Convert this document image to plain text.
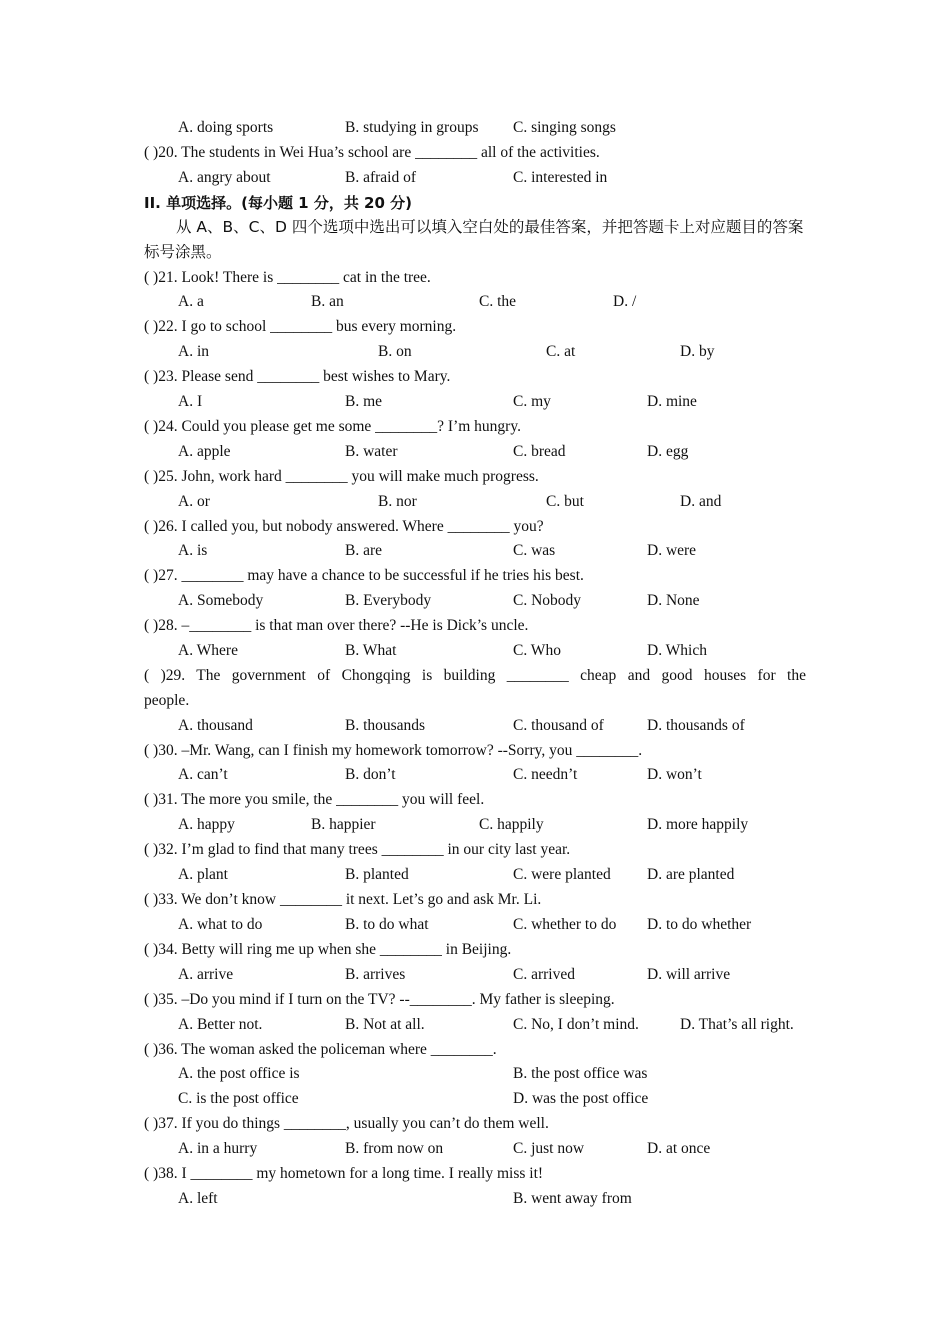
A. doing sports	B. studying in groups C. singing songs
( )20. The students in Wei Hua’s school are ________ all of the activities.
A. angry about	B. afraid of	C. interested in
II. 单项选择。(每小题 1 分，共 20 分)
从 A、B、C、D 四个选项中选出可以填入空白处的最佳答案，并把答题卡上对应题目的答案标号涂黑。
( )21. Look! There is ________ cat in the tree.
A. a	B. an	C. the	D. /
( )22. I go to school ________ bus every morning.
A. in	B. on	C. at	D. by
( )23. Please send ________ best wishes to Mary.
A. I	B. me	C. my	D. mine
( )24. Could you please get me some ________? I’m hungry.
A. apple	B. water	C. bread	D. egg
( )25. John, work hard ________ you will make much progress.
A. or	B. nor	C. but	D. and
( )26. I called you, but nobody answered. Where ________ you?
A. is	B. are	C. was	D. were
( )27. ________ may have a chance to be successful if he tries his best.
A. Somebody	B. Everybody	C. Nobody	D. None
( )28. –________ is that man over there? --He is Dick’s uncle.
A. Where	B. What	C. Who	D. Which
( )29. The government of Chongqing is building ________ cheap and good houses for the
people.
A. thousand	B. thousands	C. thousand of	D. thousands of
( )30. –Mr. Wang, can I finish my homework tomorrow? --Sorry, you ________.
A. can’t	B. don’t	C. needn’t	D. won’t
( )31. The more you smile, the ________ you will feel.
A. happy	B. happier	C. happily	D. more happily
( )32. I’m glad to find that many trees ________ in our city last year.
A. plant	B. planted	C. were planted D. are planted
( )33. We don’t know ________ it next. Let’s go and ask Mr. Li.
A. what to do	B. to do what	C. whether to do D. to do whether
( )34. Betty will ring me up when she ________ in Beijing.
A. arrive	B. arrives	C. arrived	D. will arrive
( )35. –Do you mind if I turn on the TV? --________. My father is sleeping.
A. Better not.	B. Not at all.	C. No, I don’t mind.	D. That’s all right.
( )36. The woman asked the policeman where ________.
A. the post office is	B. the post office was
C. is the post office	D. was the post office
( )37. If you do things ________, usually you can’t do them well.
A. in a hurry	B. from now on	C. just now	D. at once
( )38. I ________ my hometown for a long time. I really miss it!
A. left	B. went away from
